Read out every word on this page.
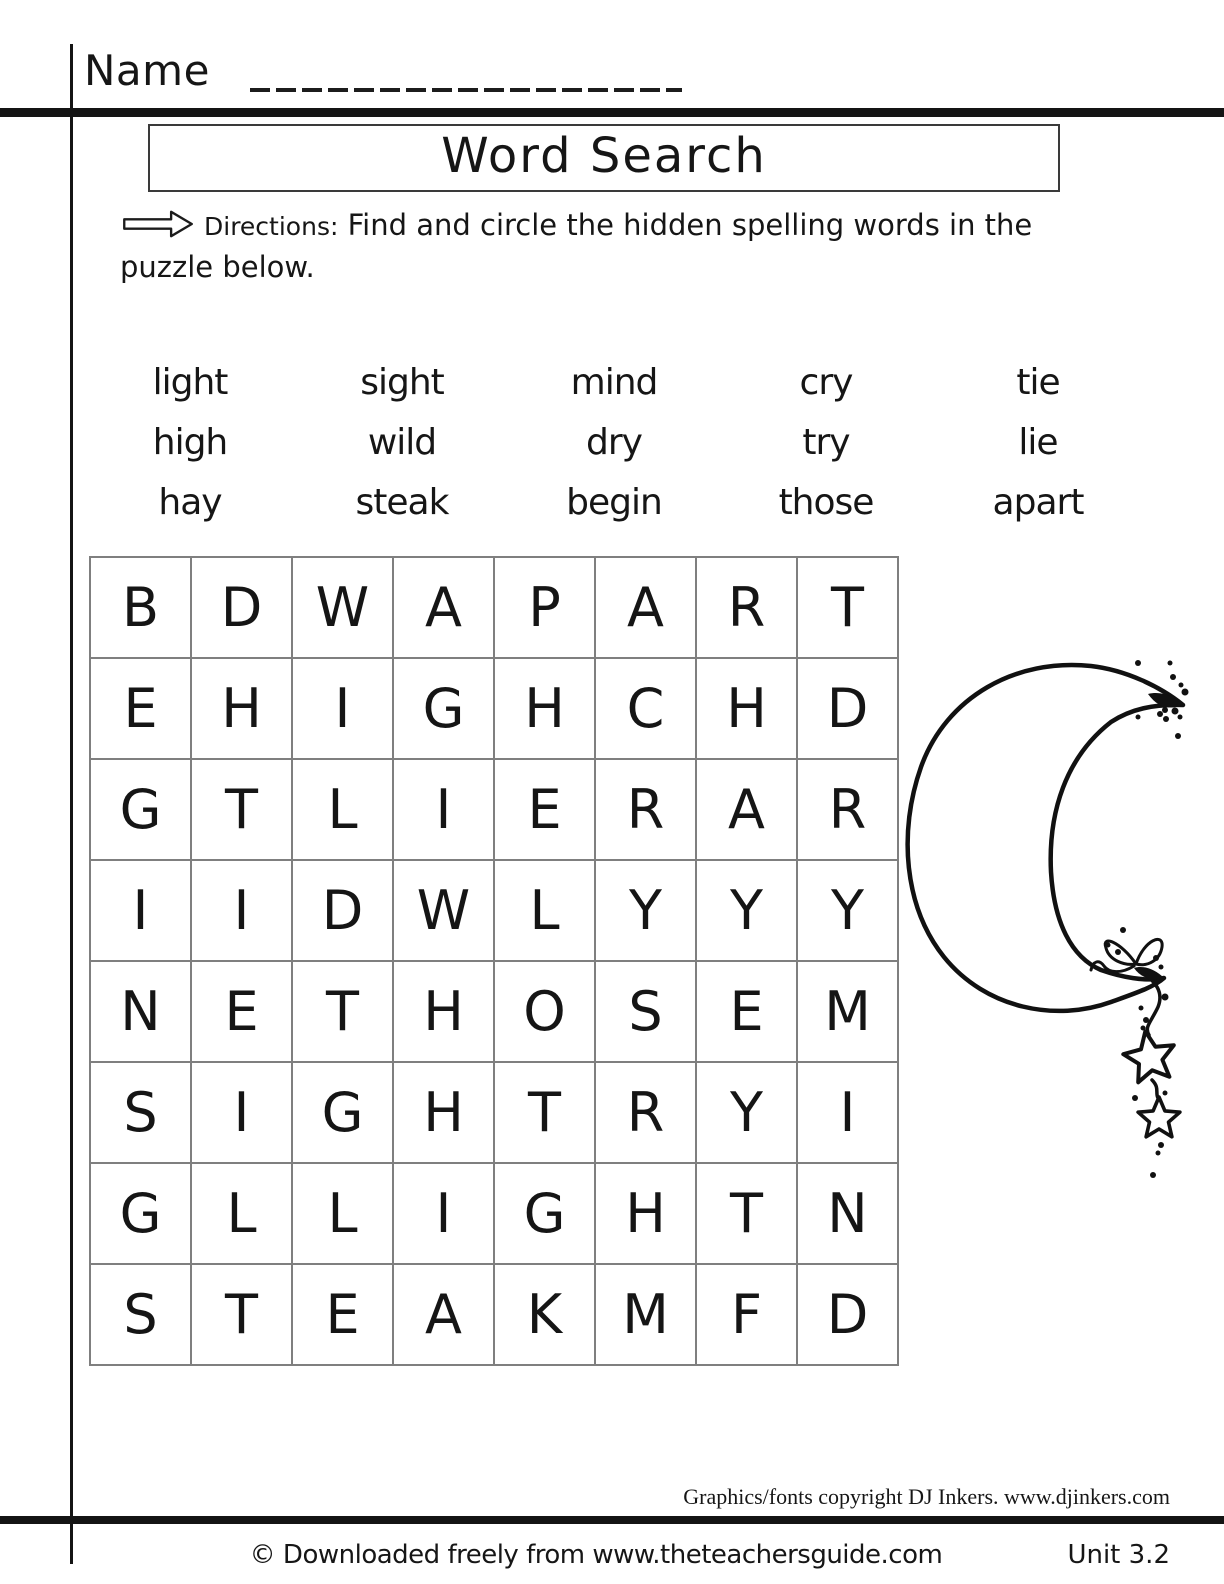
Name
Word Search
Directions: Find and circle the hidden spelling words in the puzzle below.
light	sight	mind	cry	tie
high	wild	dry	try	lie
hay	steak	begin	those	apart
B	D	W	A	P	A	R	T
E	H	I	G	H	C	H	D
G	T	L	I	E	R	A	R
I	I	D	W	L	Y	Y	Y
N	E	T	H	O	S	E	M
S	I	G	H	T	R	Y	I
G	L	L	I	G	H	T	N
S	T	E	A	K	M	F	D
Graphics/fonts copyright DJ Inkers. www.djinkers.com
© Downloaded freely from www.theteachersguide.com	Unit 3.2
